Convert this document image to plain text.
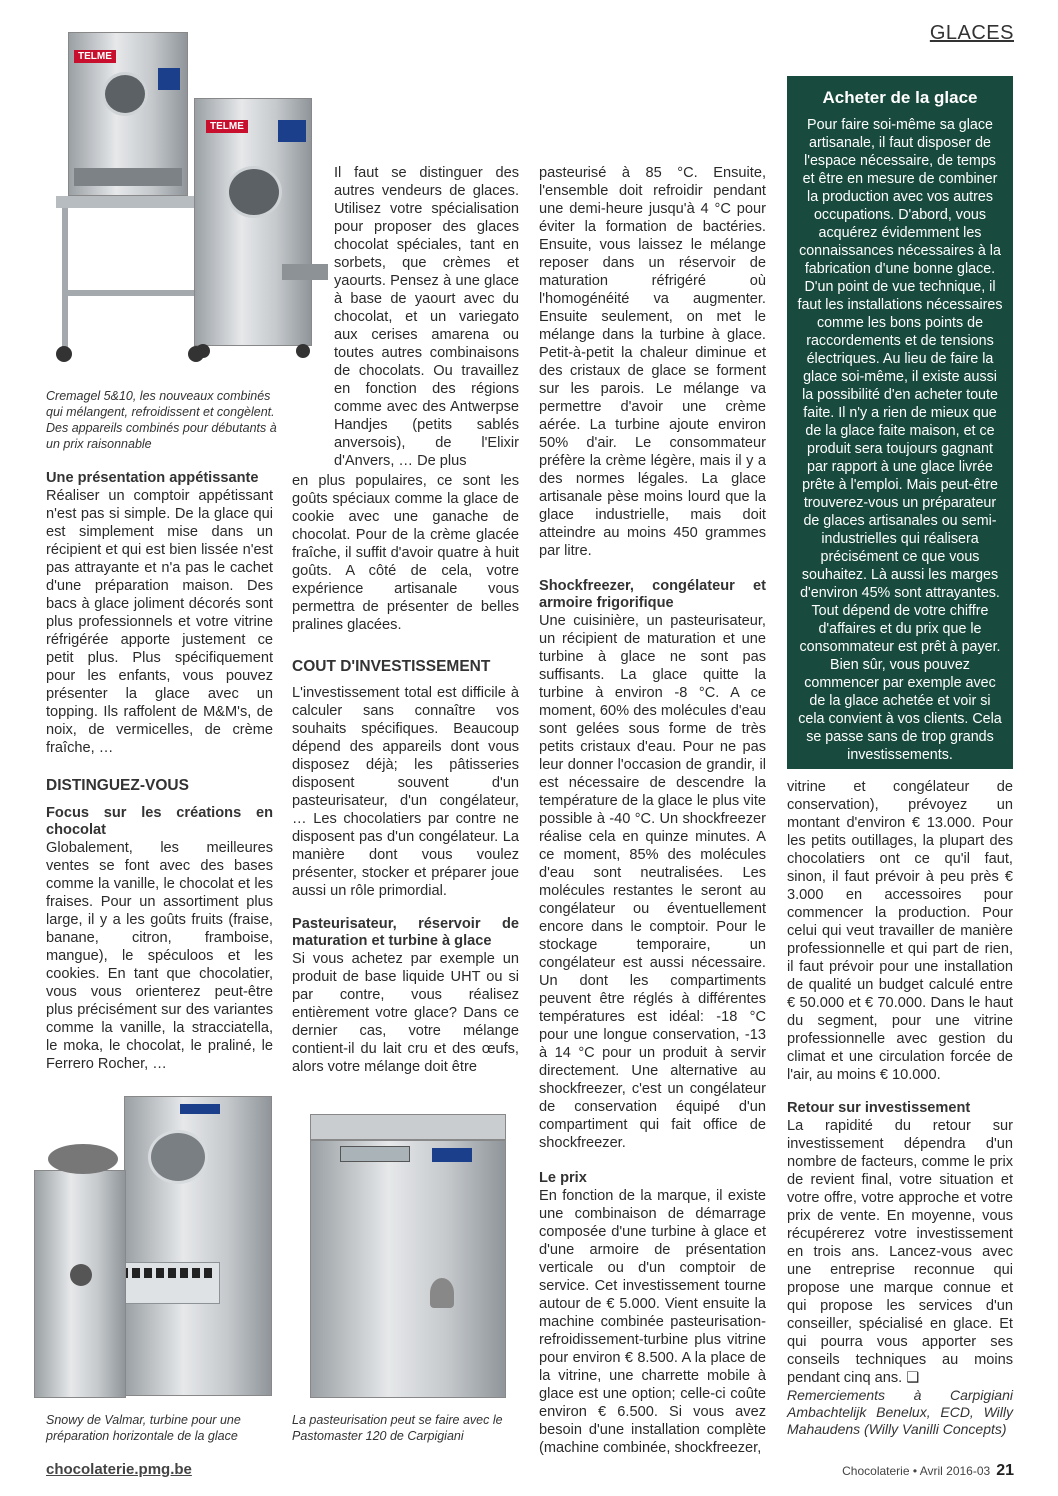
GLACES
TELME
TELME
Cremagel 5&10, les nouveaux combinés qui mélangent, refroidissent et congèlent. Des appareils combinés pour débutants à un prix raisonnable
Une présentation appétissante

Réaliser un comptoir appétissant n'est pas si simple. De la glace qui est simplement mise dans un récipient et qui est bien lissée n'est pas attrayante et n'a pas le cachet d'une préparation maison. Des bacs à glace joliment décorés sont plus professionnels et votre vitrine réfrigérée apporte justement ce petit plus. Plus spécifiquement pour les enfants, vous pouvez présenter la glace avec un topping. Ils raffolent de M&M's, de noix, de vermicelles, de crème fraîche, …

DISTINGUEZ-VOUS
Focus sur les créations en chocolat

Globalement, les meilleures ventes se font avec des bases comme la vanille, le chocolat et les fraises. Pour un assortiment plus large, il y a les goûts fruits (fraise, banane, citron, framboise, mangue), le spéculoos et les cookies. En tant que chocolatier, vous vous orienterez peut-être plus précisément sur des variantes comme la vanille, la stracciatella, le moka, le chocolat, le praliné, le Ferrero Rocher, …

Il faut se distinguer des autres vendeurs de glaces. Utilisez votre spécialisation pour proposer des glaces chocolat spéciales, tant en sorbets, que crèmes et yaourts. Pensez à une glace à base de yaourt avec du chocolat, et un variegato aux cerises amarena ou toutes autres combinaisons de chocolats. Ou travaillez en fonction des régions comme avec des Antwerpse Handjes (petits sablés anversois), de l'Elixir d'Anvers, … De plus

en plus populaires, ce sont les goûts spéciaux comme la glace de cookie avec une ganache de chocolat. Pour de la crème glacée fraîche, il suffit d'avoir quatre à huit goûts. A côté de cela, votre expérience artisanale vous permettra de présenter de belles pralines glacées.

COUT D'INVESTISSEMENT

L'investissement total est difficile à calculer sans connaître vos souhaits spécifiques. Beaucoup dépend des appareils dont vous disposez déjà; les pâtisseries disposent souvent d'un pasteurisateur, d'un congélateur, … Les chocolatiers par contre ne disposent pas d'un congélateur. La manière dont vous voulez présenter, stocker et préparer joue aussi un rôle primordial.

Pasteurisateur, réservoir de maturation et turbine à glace

Si vous achetez par exemple un produit de base liquide UHT ou si par contre, vous réalisez entièrement votre glace? Dans ce dernier cas, votre mélange contient-il du lait cru et des œufs, alors votre mélange doit être

pasteurisé à 85 °C. Ensuite, l'ensemble doit refroidir pendant une demi-heure jusqu'à 4 °C pour éviter la formation de bactéries. Ensuite, vous laissez le mélange reposer dans un réservoir de maturation réfrigéré où l'homogénéité va augmenter. Ensuite seulement, on met le mélange dans la turbine à glace. Petit-à-petit la chaleur diminue et des cristaux de glace se forment sur les parois. Le mélange va permettre d'avoir une crème aérée. La turbine ajoute environ 50% d'air. Le consommateur préfère la crème légère, mais il y a des normes légales. La glace artisanale pèse moins lourd que la glace industrielle, mais doit atteindre au moins 450 grammes par litre.

Shockfreezer, congélateur et armoire frigorifique

Une cuisinière, un pasteurisateur, un récipient de maturation et une turbine à glace ne sont pas suffisants. La glace quitte la turbine à environ -8 °C. A ce moment, 60% des molécules d'eau sont gelées sous forme de très petits cristaux d'eau. Pour ne pas leur donner l'occasion de grandir, il est nécessaire de descendre la température de la glace le plus vite possible à -40 °C. Un shockfreezer réalise cela en quinze minutes. A ce moment, 85% des molécules d'eau sont neutralisées. Les molécules restantes le seront au congélateur ou éventuellement encore dans le comptoir. Pour le stockage temporaire, un congélateur est aussi nécessaire. Un dont les compartiments peuvent être réglés à différentes températures est idéal: -18 °C pour une longue conservation, -13 à 14 °C pour un produit à servir directement. Une alternative au shockfreezer, c'est un congélateur de conservation équipé d'un compartiment qui fait office de shockfreezer.

Le prix

En fonction de la marque, il existe une combinaison de démarrage composée d'une turbine à glace et d'une armoire de présentation verticale ou d'un comptoir de service. Cet investissement tourne autour de € 5.000. Vient ensuite la machine combinée pasteurisation-refroidissement-turbine plus vitrine pour environ € 8.500. A la place de la vitrine, une charrette mobile à glace est une option; celle-ci coûte environ € 6.500. Si vous avez besoin d'une installation complète (machine combinée, shockfreezer,

Acheter de la glace

Pour faire soi-même sa glace artisanale, il faut disposer de l'espace nécessaire, de temps et être en mesure de combiner la production avec vos autres occupations. D'abord, vous acquérez évidemment les connaissances nécessaires à la fabrication d'une bonne glace. D'un point de vue technique, il faut les installations nécessaires comme les bons points de raccordements et de tensions électriques. Au lieu de faire la glace soi-même, il existe aussi la possibilité d'en acheter toute faite. Il n'y a rien de mieux que de la glace faite maison, et ce produit sera toujours gagnant par rapport à une glace livrée prête à l'emploi. Mais peut-être trouverez-vous un préparateur de glaces artisanales ou semi-industrielles qui réalisera précisément ce que vous souhaitez. Là aussi les marges d'environ 45% sont attrayantes. Tout dépend de votre chiffre d'affaires et du prix que le consommateur est prêt à payer. Bien sûr, vous pouvez commencer par exemple avec de la glace achetée et voir si cela convient à vos clients. Cela se passe sans de trop grands investissements.

vitrine et congélateur de conservation), prévoyez un montant d'environ € 13.000. Pour les petits outillages, la plupart des chocolatiers ont ce qu'il faut, sinon, il faut prévoir à peu près € 3.000 en accessoires pour commencer la production. Pour celui qui veut travailler de manière professionnelle et qui part de rien, il faut prévoir pour une installation de qualité un budget calculé entre € 50.000 et € 70.000. Dans le haut du segment, pour une vitrine professionnelle avec gestion du climat et une circulation forcée de l'air, au moins € 10.000.

Retour sur investissement

La rapidité du retour sur investissement dépendra d'un nombre de facteurs, comme le prix de revient final, votre situation et votre offre, votre approche et votre prix de vente. En moyenne, vous récupérerez votre investissement en trois ans. Lancez-vous avec une entreprise reconnue qui propose une marque connue et qui propose les services d'un conseiller, spécialisé en glace. Et qui pourra vous apporter ses conseils techniques au moins pendant cinq ans. ❑

Remerciements à Carpigiani Ambachtelijk Benelux, ECD, Willy Mahaudens (Willy Vanilli Concepts)

Snowy de Valmar, turbine pour une préparation horizontale de la glace
La pasteurisation peut se faire avec le Pastomaster 120 de Carpigiani
chocolaterie.pmg.be	Chocolaterie • Avril 2016-03 21
